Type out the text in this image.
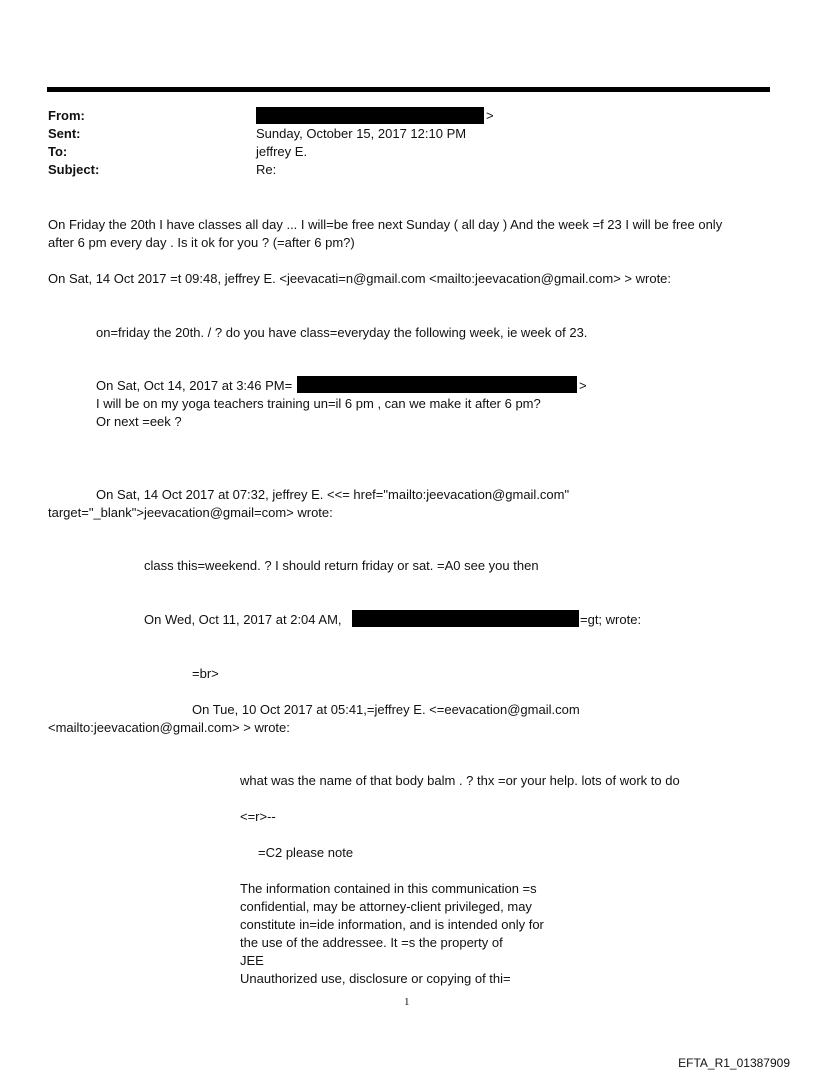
From:	>
Sent:	Sunday, October 15, 2017 12:10 PM
To:	jeffrey E.
Subject:	Re:
On Friday the 20th I have classes all day ... I will=be free next Sunday ( all day ) And the week =f 23 I will be free only
after 6 pm every day . Is it ok for you ? (=after 6 pm?)
On Sat, 14 Oct 2017 =t 09:48, jeffrey E. <jeevacati=n@gmail.com <mailto:jeevacation@gmail.com> > wrote:
on=friday the 20th. / ? do you have class=everyday the following week, ie week of 23.
On Sat, Oct 14, 2017 at 3:46 PM=	>
I will be on my yoga teachers training un=il 6 pm , can we make it after 6 pm?
Or next =eek ?
On Sat, 14 Oct 2017 at 07:32, jeffrey E. <<= href="mailto:jeevacation@gmail.com"
target="_blank">jeevacation@gmail=com> wrote:
class this=weekend. ? I should return friday or sat. =A0 see you then
On Wed, Oct 11, 2017 at 2:04 AM,	=gt; wrote:
=br>
On Tue, 10 Oct 2017 at 05:41,=jeffrey E. <=eevacation@gmail.com
<mailto:jeevacation@gmail.com> > wrote:
what was the name of that body balm . ? thx =or your help. lots of work to do
<=r>--
=C2 please note
The information contained in this communication =s
confidential, may be attorney-client privileged, may
constitute in=ide information, and is intended only for
the use of the addressee. It =s the property of
JEE
Unauthorized use, disclosure or copying of thi=
1
EFTA_R1_01387909
